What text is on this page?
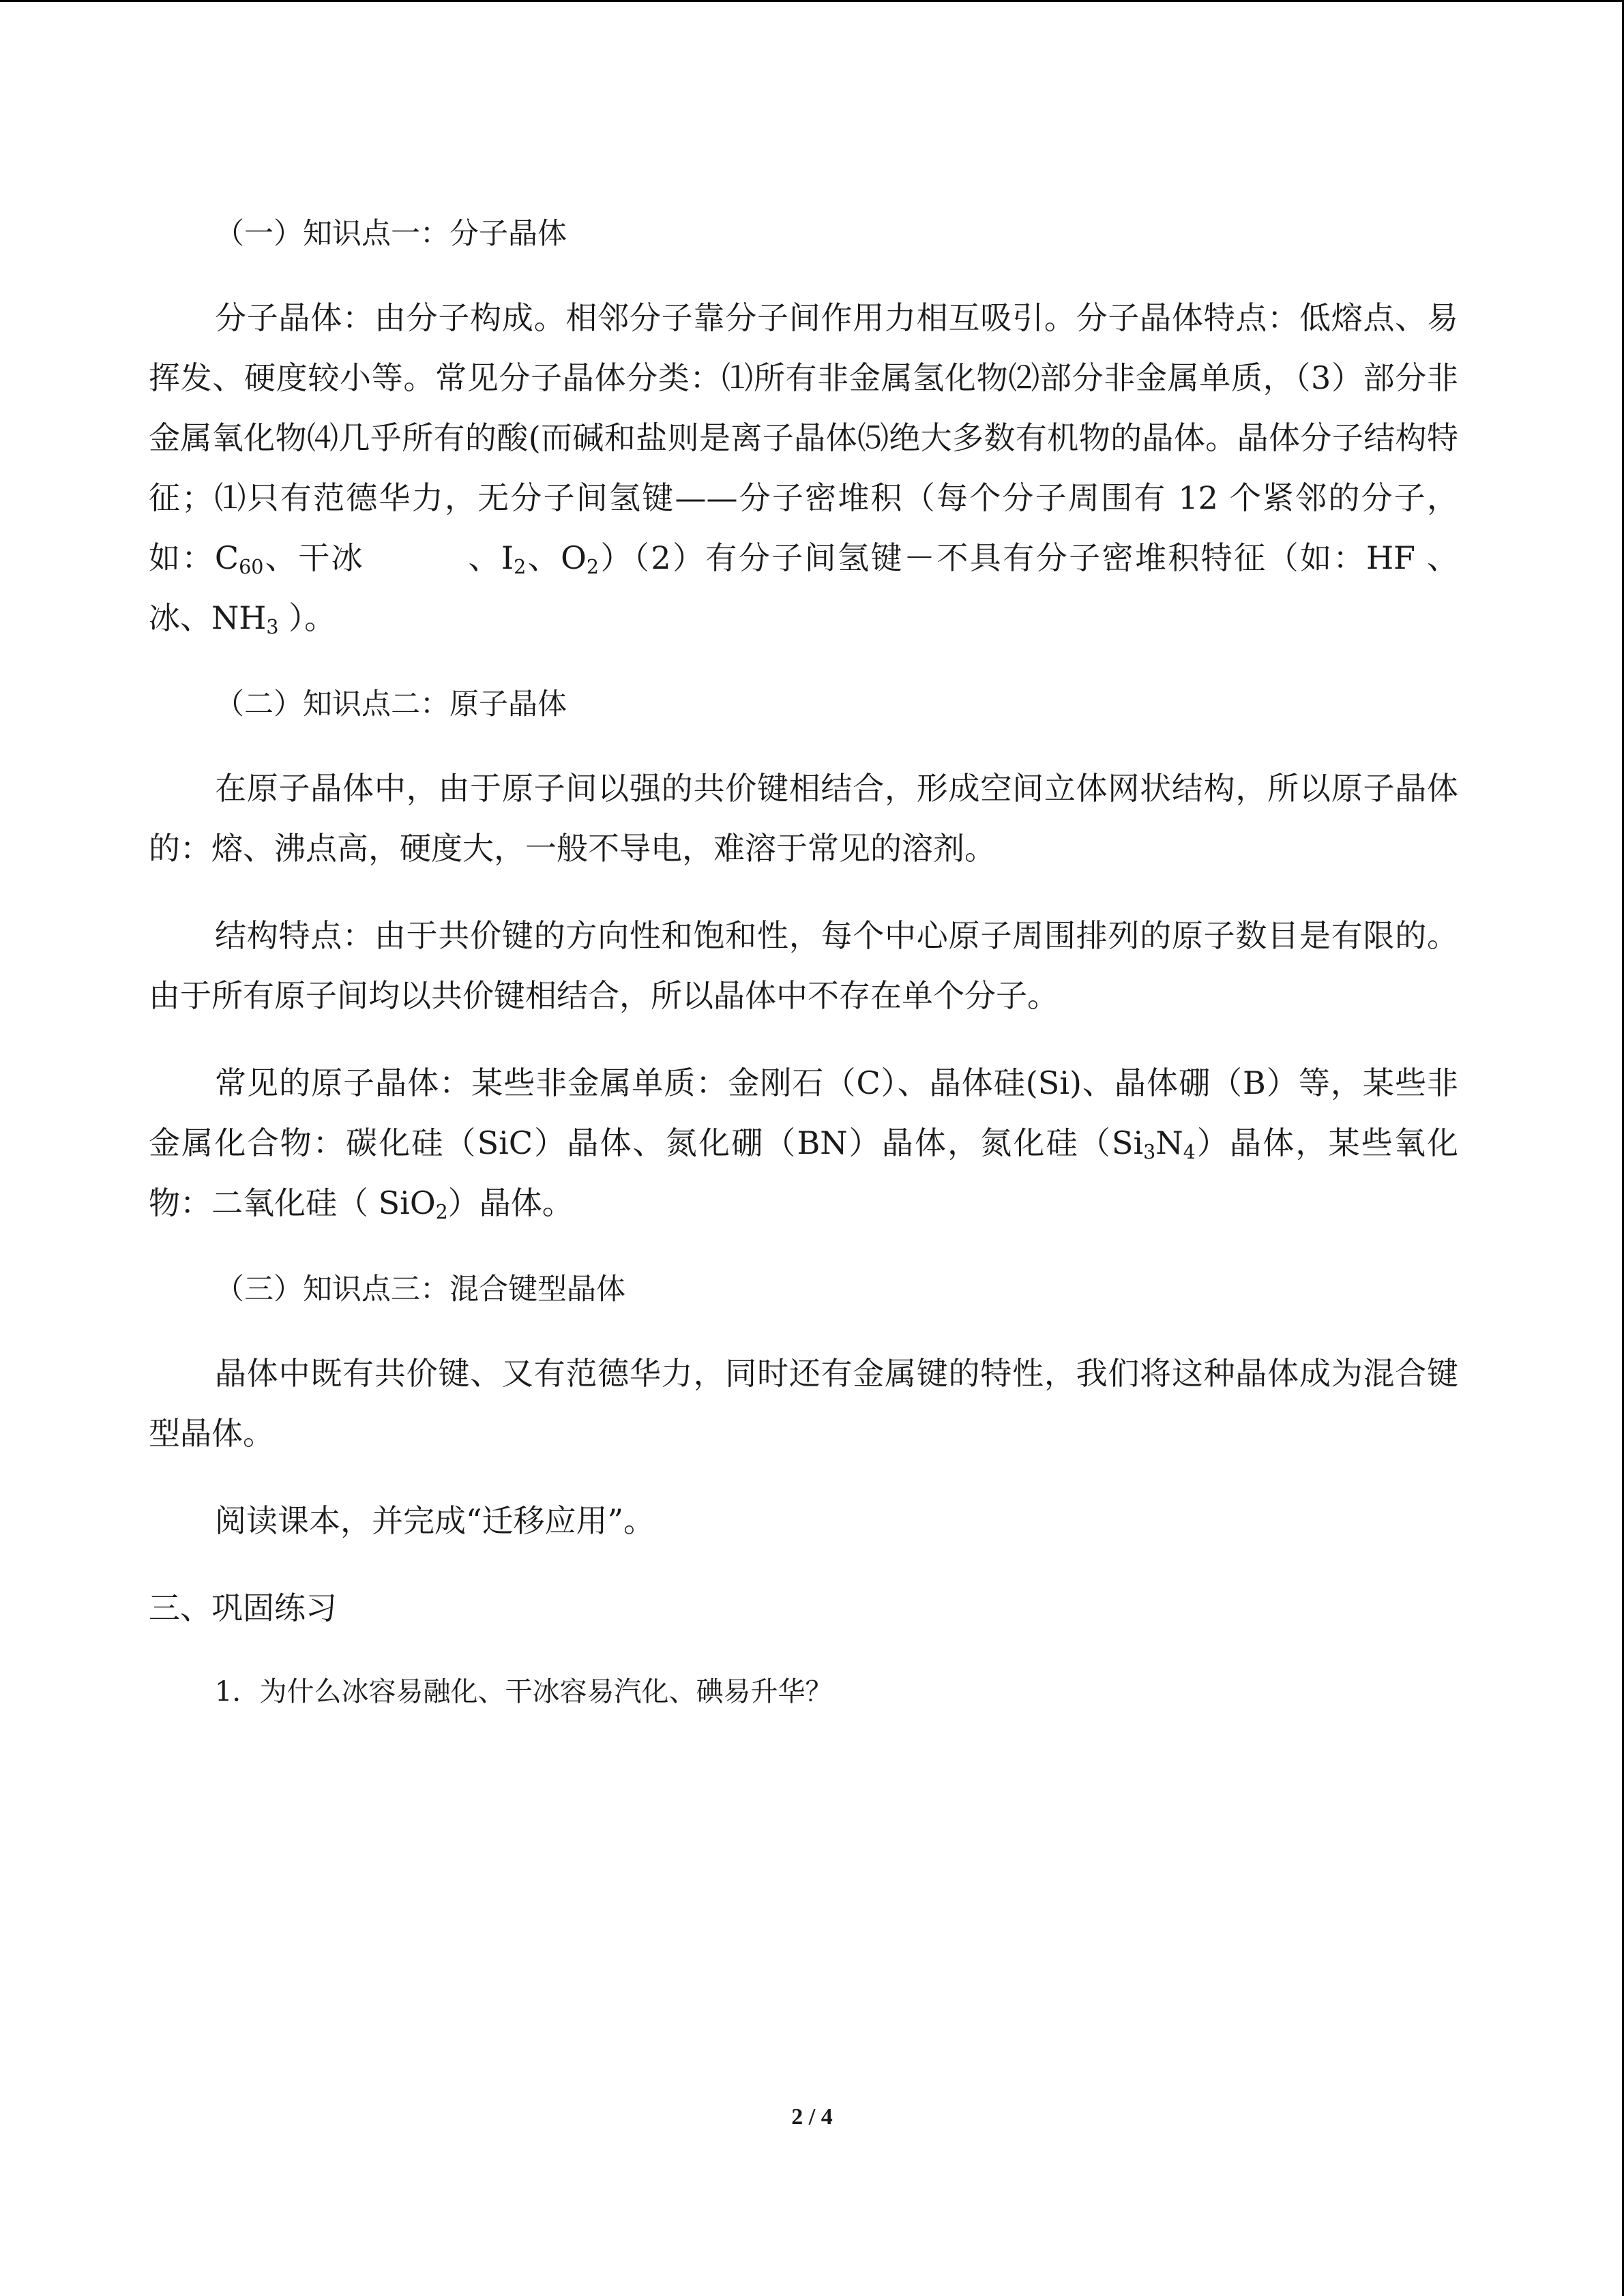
（一）知识点一：分子晶体

分子晶体：由分子构成。相邻分子靠分子间作用力相互吸引。分子晶体特点：低熔点、易挥发、硬度较小等。常见分子晶体分类：⑴所有非金属氢化物⑵部分非金属单质，（3）部分非金属氧化物⑷几乎所有的酸(而碱和盐则是离子晶体⑸绝大多数有机物的晶体。晶体分子结构特征；⑴只有范德华力，无分子间氢键——分子密堆积（每个分子周围有 12 个紧邻的分子，如：$C_{60}$、干冰	、$I_2$、$O_2)(2)$有分子间氢键－不具有分子密堆积特征（如：HF 、冰、$NH_3$ ）。

（二）知识点二：原子晶体

在原子晶体中，由于原子间以强的共价键相结合，形成空间立体网状结构，所以原子晶体的：熔、沸点高，硬度大，一般不导电，难溶于常见的溶剂。

结构特点：由于共价键的方向性和饱和性，每个中心原子周围排列的原子数目是有限的。由于所有原子间均以共价键相结合，所以晶体中不存在单个分子。

常见的原子晶体：某些非金属单质：金刚石（C）、晶体硅(Si)、晶体硼（B）等，某些非金属化合物：碳化硅（SiC）晶体、氮化硼（BN）晶体，氮化硅$(Si_3N_4)$晶体，某些氧化物：二氧化硅（ SiO$_2$）晶体。

（三）知识点三：混合键型晶体

晶体中既有共价键、又有范德华力，同时还有金属键的特性，我们将这种晶体成为混合键型晶体。

阅读课本，并完成“迁移应用”。

三、巩固练习
1．为什么冰容易融化、干冰容易汽化、碘易升华？
2 / 4
